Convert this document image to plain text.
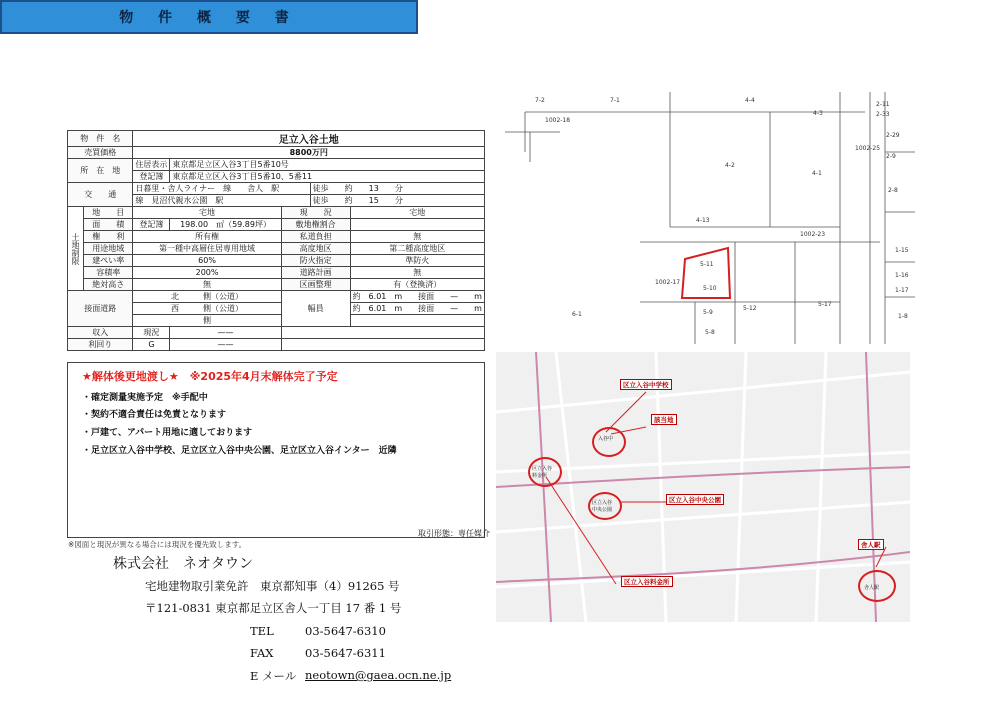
物 件 概 要 書
物　件　名		足立入谷土地				
売買価格		8800万円				
所　在　地		住居表示	東京都足立区入谷3丁目5番10号			
		登記簿	東京都足立区入谷3丁目5番10、5番11			
交　　通		日暮里・舎人ライナー　線　　舎人　駅			徒歩　　約　　13　　分	
		線　見沼代親水公園　駅			徒歩　　約　　15　　分	
土地制限	地　　目	宅地		現　　況		宅地
	面　　積	登記簿	198.00　㎡（59.89坪）	敷地権割合		
	権　　利	所有権		私道負担		無
	用途地域	第一種中高層住居専用地域		高度地区		第二種高度地区
	建ぺい率	60%		防火指定		準防火
	容積率	200%		道路計画		無
	絶対高さ	無		区画整理		有（登換済）
接面道路		北　　　側（公道）		幅員		約　6.01　m　　接面　　—　　m
		西　　　側（公道）				約　6.01　m　　接面　　—　　m
		側				
収入		現況	——			
利回り		G	——			
★解体後更地渡し★　※2025年4月末解体完了予定
・確定測量実施予定　※手配中
・契約不適合責任は免責となります
・戸建て、アパート用地に適しております
・足立区立入谷中学校、足立区立入谷中央公園、足立区立入谷インター　近隣
取引形態：専任媒介
※図面と現況が異なる場合には現況を優先致します。
株式会社　ネオタウン
宅地建物取引業免許　東京都知事（4）91265 号
〒121-0831 東京都足立区舎人一丁目 17 番 1 号
TEL	03-5647-6310
FAX	03-5647-6311
E メール neotown@gaea.ocn.ne.jp
7-2	7-1	4-4
1002-18
4-3
4-2
4-1
1002-25
2-8
4-13
1002-23
5-11
5-10
1002-17
5-9
5-12
5-17
6-1
5-8
1-15
1-16
1-17
1-8
2-11
2-33
2-29
2-9
区立入谷中学校
該当地
区立入谷中央公園
区立入谷料金所
舎人駅
入谷中
区立入谷料金所
区立入谷中央公園
舎人駅
